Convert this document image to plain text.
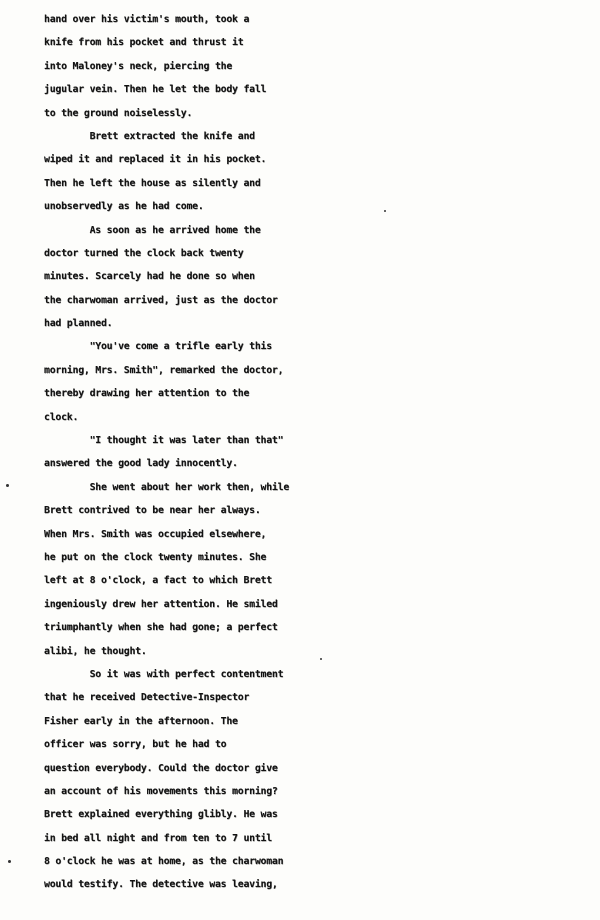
hand over his victim's mouth, took a
knife from his pocket and thrust it
into Maloney's neck, piercing the
jugular vein. Then he let the body fall
to the ground noiselessly.
Brett extracted the knife and
wiped it and replaced it in his pocket.
Then he left the house as silently and
unobservedly as he had come.
As soon as he arrived home the
doctor turned the clock back twenty
minutes. Scarcely had he done so when
the charwoman arrived, just as the doctor
had planned.
"You've come a trifle early this
morning, Mrs. Smith", remarked the doctor,
thereby drawing her attention to the
clock.
"I thought it was later than that"
answered the good lady innocently.
She went about her work then, while
Brett contrived to be near her always.
When Mrs. Smith was occupied elsewhere,
he put on the clock twenty minutes. She
left at 8 o'clock, a fact to which Brett
ingeniously drew her attention. He smiled
triumphantly when she had gone; a perfect
alibi, he thought.
So it was with perfect contentment
that he received Detective-Inspector
Fisher early in the afternoon. The
officer was sorry, but he had to
question everybody. Could the doctor give
an account of his movements this morning?
Brett explained everything glibly. He was
in bed all night and from ten to 7 until
8 o'clock he was at home, as the charwoman
would testify. The detective was leaving,
